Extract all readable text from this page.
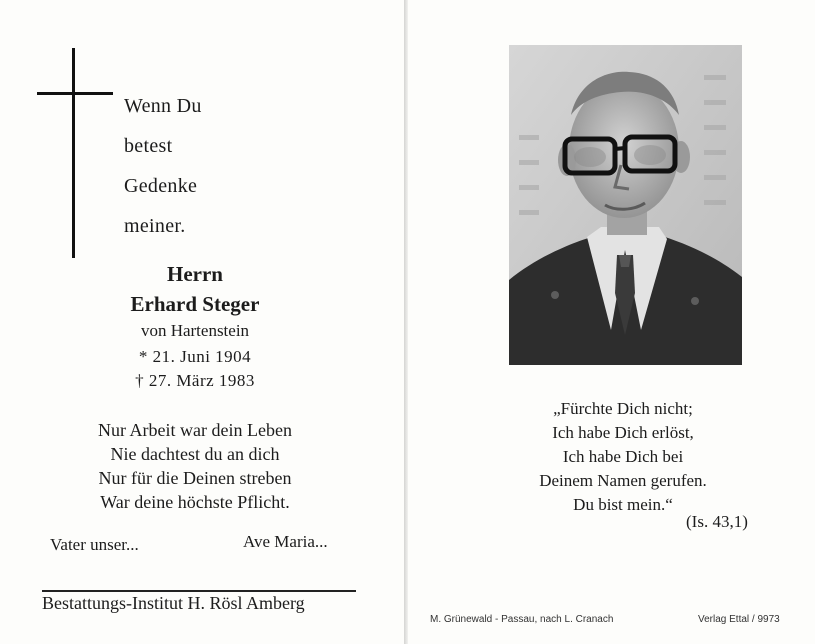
Wenn Du
betest
Gedenke
meiner.
Herrn
Erhard Steger
von Hartenstein
* 21. Juni 1904
† 27. März 1983
Nur Arbeit war dein Leben
Nie dachtest du an dich
Nur für die Deinen streben
War deine höchste Pflicht.
Vater unser...	Ave Maria...
Bestattungs-Institut H. Rösl Amberg
„Fürchte Dich nicht;
Ich habe Dich erlöst,
Ich habe Dich bei
Deinem Namen gerufen.
Du bist mein.“
(Is. 43,1)
M. Grünewald - Passau, nach L. Cranach	Verlag Ettal / 9973
